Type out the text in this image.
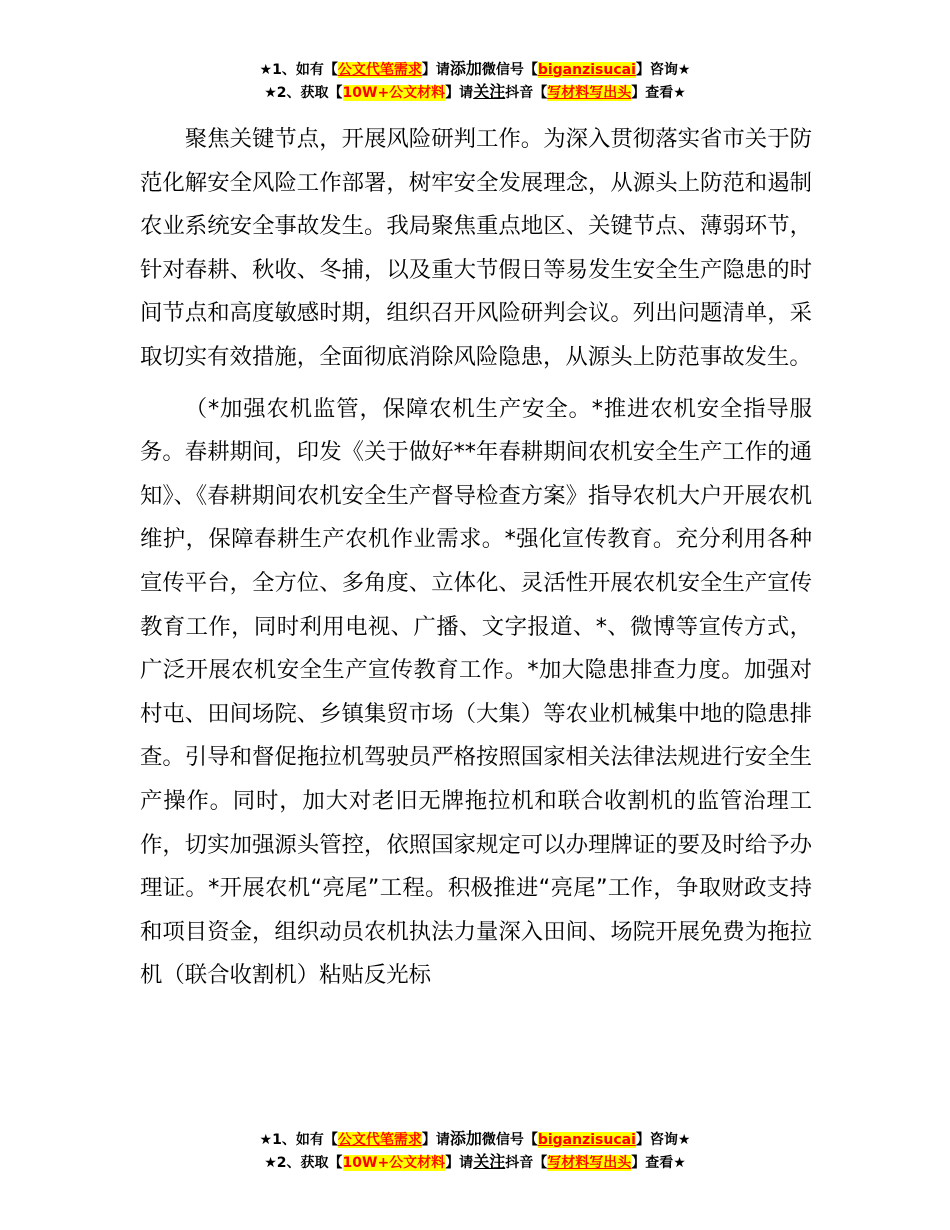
★1、如有【公文代笔需求】请添加微信号【biganzisucai】咨询★
★2、获取【10W+公文材料】请关注抖音【写材料写出头】查看★

聚焦关键节点，开展风险研判工作。为深入贯彻落实省市关于防范化解安全风险工作部署，树牢安全发展理念，从源头上防范和遏制农业系统安全事故发生。我局聚焦重点地区、关键节点、薄弱环节，针对春耕、秋收、冬捕，以及重大节假日等易发生安全生产隐患的时间节点和高度敏感时期，组织召开风险研判会议。列出问题清单，采取切实有效措施，全面彻底消除风险隐患，从源头上防范事故发生。

（*加强农机监管，保障农机生产安全。*推进农机安全指导服务。春耕期间，印发《关于做好**年春耕期间农机安全生产工作的通知》、《春耕期间农机安全生产督导检查方案》指导农机大户开展农机维护，保障春耕生产农机作业需求。*强化宣传教育。充分利用各种宣传平台，全方位、多角度、立体化、灵活性开展农机安全生产宣传教育工作，同时利用电视、广播、文字报道、*、微博等宣传方式，广泛开展农机安全生产宣传教育工作。*加大隐患排查力度。加强对村屯、田间场院、乡镇集贸市场（大集）等农业机械集中地的隐患排查。引导和督促拖拉机驾驶员严格按照国家相关法律法规进行安全生产操作。同时，加大对老旧无牌拖拉机和联合收割机的监管治理工作，切实加强源头管控，依照国家规定可以办理牌证的要及时给予办理证。*开展农机“亮尾”工程。积极推进“亮尾”工作，争取财政支持和项目资金，组织动员农机执法力量深入田间、场院开展免费为拖拉机（联合收割机）粘贴反光标

★1、如有【公文代笔需求】请添加微信号【biganzisucai】咨询★
★2、获取【10W+公文材料】请关注抖音【写材料写出头】查看★
